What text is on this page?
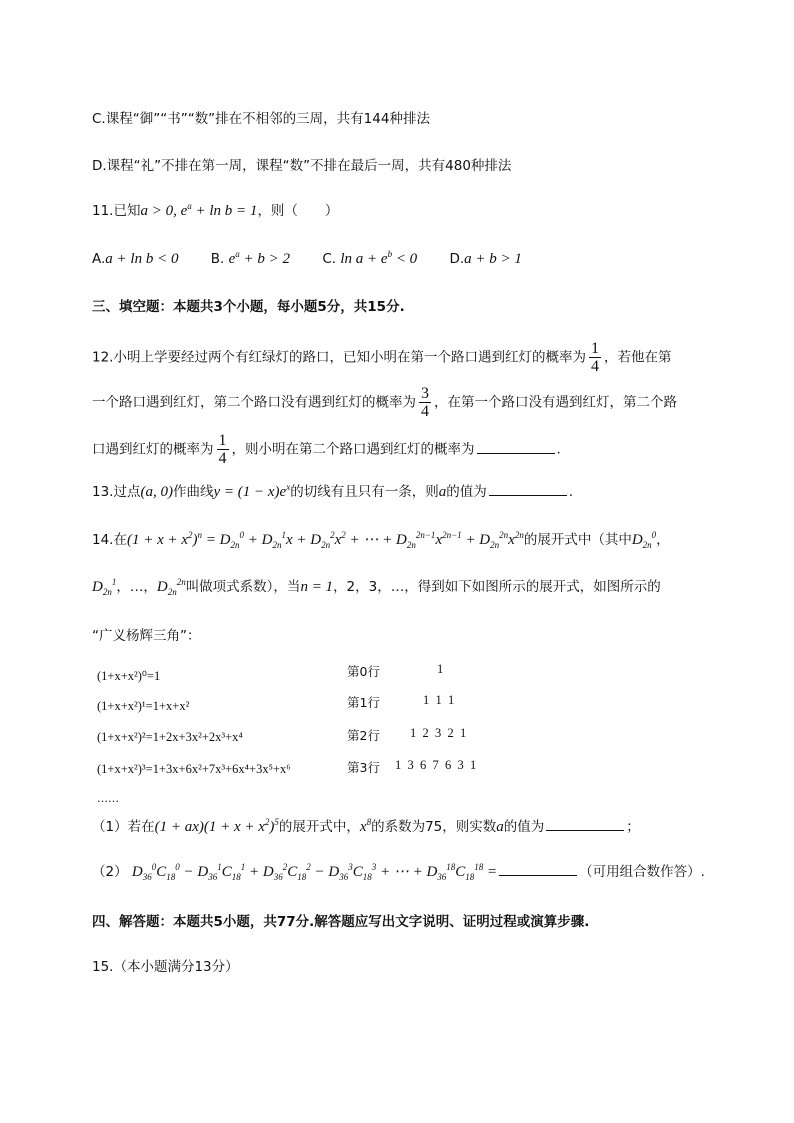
C.课程“御”“书”“数”排在不相邻的三周，共有144种排法
D.课程“礼”不排在第一周，课程“数”不排在最后一周，共有480种排法
11.已知a > 0, $e^a + \ln b = 1$，则（　　）
A.a + ln b < 0 B. $e^a + b > 2$ C. $\ln a + e^b < 0$ D.a + b > 1
三、填空题：本题共3个小题，每小题5分，共15分.
12.小明上学要经过两个有红绿灯的路口，已知小明在第一个路口遇到红灯的概率为 $\frac{1}{4}$ ，若他在第
一个路口遇到红灯，第二个路口没有遇到红灯的概率为 $\frac{3}{4}$ ，在第一个路口没有遇到红灯，第二个路
口遇到红灯的概率为 $\frac{1}{4}$ ，则小明在第二个路口遇到红灯的概率为	.
13.过点(a, 0)作曲线$y = (1 - x)e^x$的切线有且只有一条，则a的值为	.
14.在$(1 + x + x^2)^n = D_{2n}^0 + D_{2n}^1x + D_{2n}^2x^2$ + ⋯ + $D_{2n}^{2n-1}x^{2n-1} + D_{2n}^{2n}x^{2n}$的展开式中（其中$D_{2n}^0$，
$D_{2n}^1$，…，$D_{2n}^{2n}$叫做项式系数），当n = 1，2，3，…，得到如下如图所示的展开式，如图所示的
“广义杨辉三角”：
(1+x+x²)⁰=1	第0行	1
(1+x+x²)¹=1+x+x²	第1行	1  1  1
(1+x+x²)²=1+2x+3x²+2x³+x⁴	第2行 1  2  3  2  1
(1+x+x²)³=1+3x+6x²+7x³+6x⁴+3x⁵+x⁶	第3行 1  3  6  7  6  3  1
……
（1）若在$(1 + ax)(1 + x + x^2)^5$的展开式中，$x^8$的系数为75，则实数a的值为	；
（2） $D_{36}^0C_{18}^0 - D_{36}^1C_{18}^1 + D_{36}^2C_{18}^2 - D_{36}^3C_{18}^3$ + ⋯ + $D_{36}^{18}C_{18}^{18}$ =	（可用组合数作答）.
四、解答题：本题共5小题，共77分.解答题应写出文字说明、证明过程或演算步骤.
15.（本小题满分13分）
